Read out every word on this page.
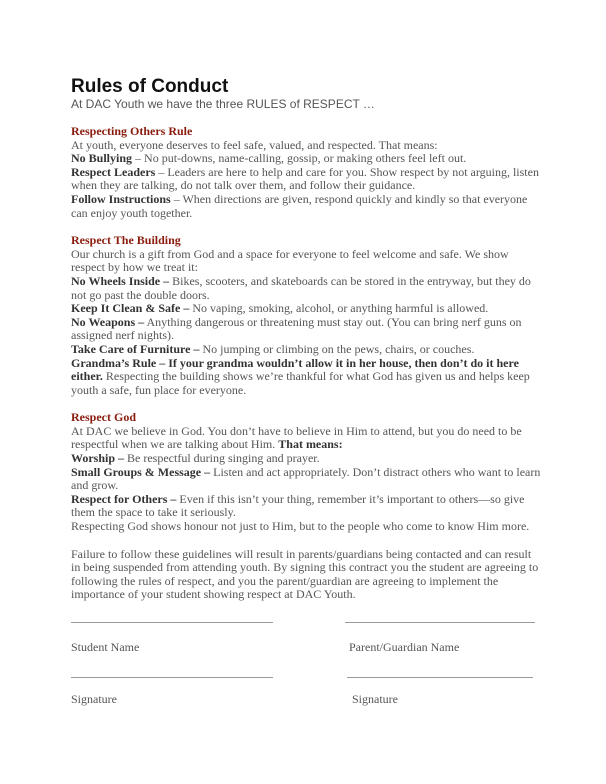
Rules of Conduct

At DAC Youth we have the three RULES of RESPECT …

Respecting Others Rule

At youth, everyone deserves to feel safe, valued, and respected. That means:

No Bullying – No put-downs, name-calling, gossip, or making others feel left out.

Respect Leaders – Leaders are here to help and care for you. Show respect by not arguing, listen when they are talking, do not talk over them, and follow their guidance.

Follow Instructions – When directions are given, respond quickly and kindly so that everyone can enjoy youth together.

Respect The Building

Our church is a gift from God and a space for everyone to feel welcome and safe. We show respect by how we treat it:

No Wheels Inside – Bikes, scooters, and skateboards can be stored in the entryway, but they do not go past the double doors.

Keep It Clean & Safe – No vaping, smoking, alcohol, or anything harmful is allowed.

No Weapons – Anything dangerous or threatening must stay out. (You can bring nerf guns on assigned nerf nights).

Take Care of Furniture – No jumping or climbing on the pews, chairs, or couches.

Grandma’s Rule – If your grandma wouldn’t allow it in her house, then don’t do it here either. Respecting the building shows we’re thankful for what God has given us and helps keep youth a safe, fun place for everyone.

Respect God

At DAC we believe in God. You don’t have to believe in Him to attend, but you do need to be respectful when we are talking about Him. That means:

Worship – Be respectful during singing and prayer.

Small Groups & Message – Listen and act appropriately. Don’t distract others who want to learn and grow.

Respect for Others – Even if this isn’t your thing, remember it’s important to others—so give them the space to take it seriously.

Respecting God shows honour not just to Him, but to the people who come to know Him more.

Failure to follow these guidelines will result in parents/guardians being contacted and can result in being suspended from attending youth. By signing this contract you the student are agreeing to following the rules of respect, and you the parent/guardian are agreeing to implement the importance of your student showing respect at DAC Youth.

Student Name	Parent/Guardian Name
Signature	Signature
